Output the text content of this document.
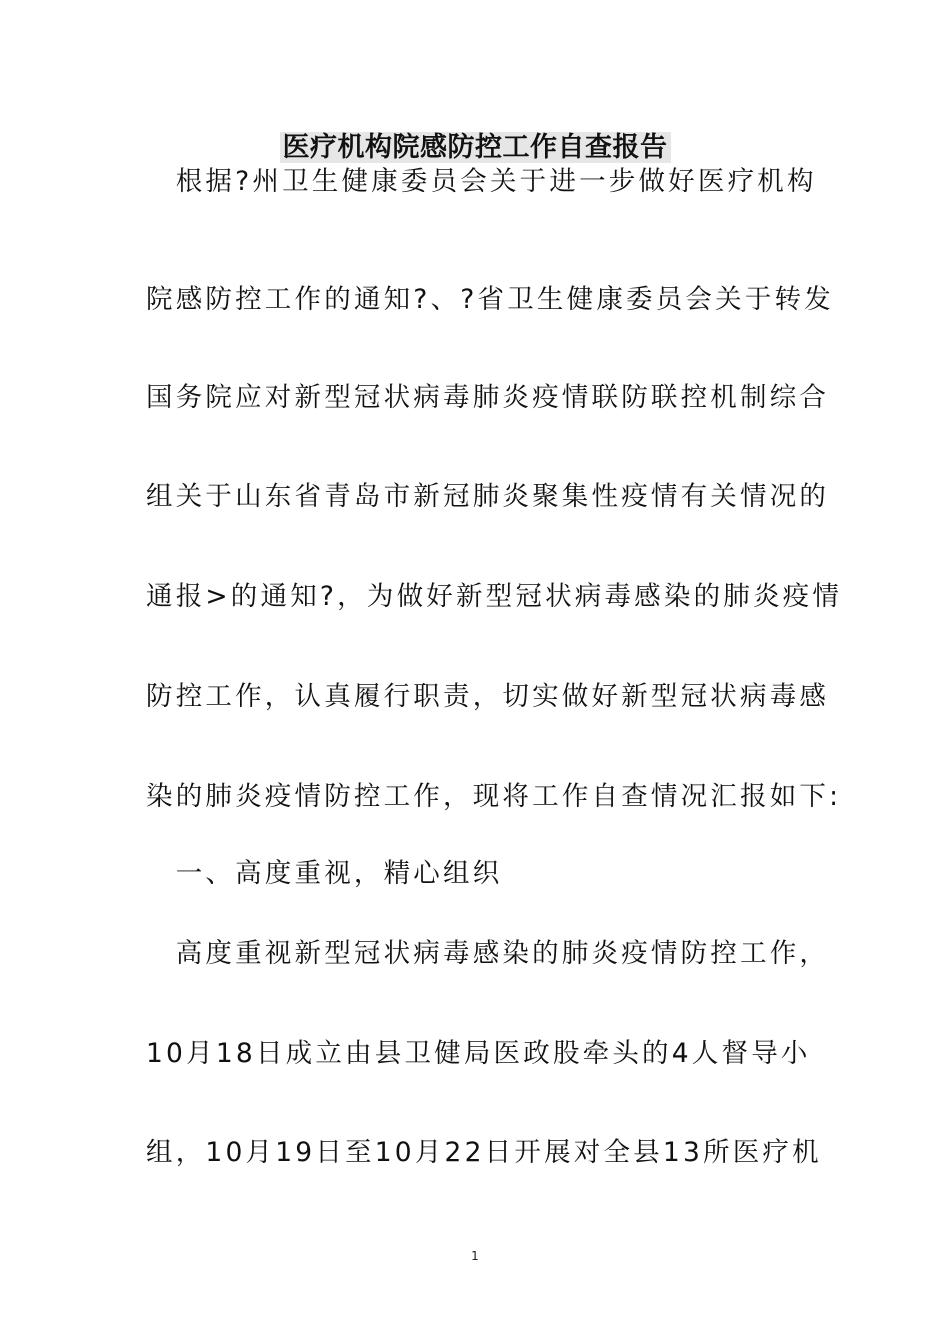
医疗机构院感防控工作自查报告
　根据?州卫生健康委员会关于进一步做好医疗机构
院感防控工作的通知?、?省卫生健康委员会关于转发
国务院应对新型冠状病毒肺炎疫情联防联控机制综合
组关于山东省青岛市新冠肺炎聚集性疫情有关情况的
通报>的通知?，为做好新型冠状病毒感染的肺炎疫情
防控工作，认真履行职责，切实做好新型冠状病毒感
染的肺炎疫情防控工作，现将工作自查情况汇报如下:
　一、高度重视，精心组织
　高度重视新型冠状病毒感染的肺炎疫情防控工作，
10月18日成立由县卫健局医政股牵头的4人督导小
组，10月19日至10月22日开展对全县13所医疗机
1
